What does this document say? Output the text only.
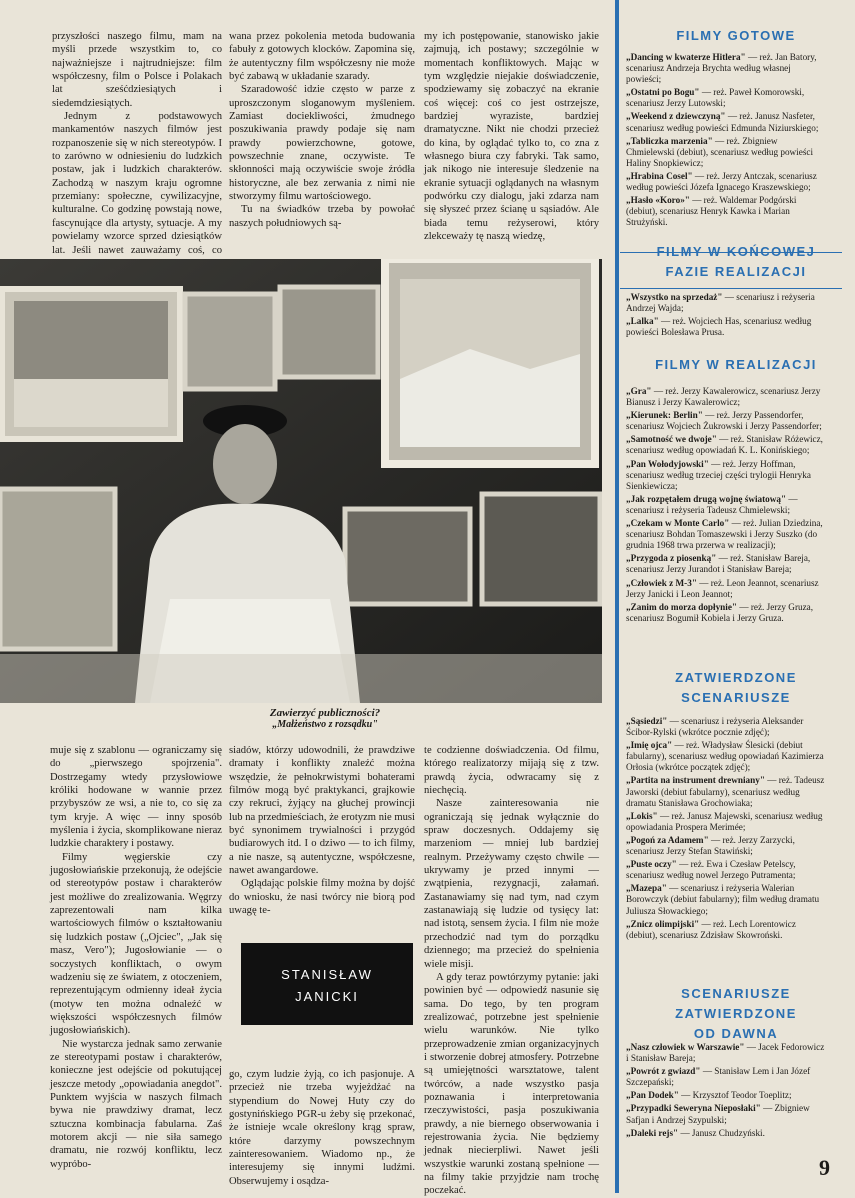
przyszłości naszego filmu, mam na myśli przede wszystkim to, co najważniejsze i najtrudniejsze: film współczesny, film o Polsce i Polakach lat sześćdziesiątych i siedemdziesiątych.

Jednym z podstawowych mankamentów naszych filmów jest rozpanoszenie się w nich stereotypów. I to zarówno w odniesieniu do ludzkich postaw, jak i ludzkich charakterów. Zachodzą w naszym kraju ogromne przemiany: społeczne, cywilizacyjne, kulturalne. Co godzinę powstają nowe, fascynujące dla artysty, sytuacje. A my powielamy wzorce sprzed dziesiątków lat. Jeśli nawet zauważamy coś, co

wana przez pokolenia metoda budowania fabuły z gotowych klocków. Zapomina się, że autentyczny film współczesny nie może być zabawą w układanie szarady.

Szaradowość idzie często w parze z uproszczonym sloganowym myśleniem. Zamiast dociekliwości, żmudnego poszukiwania prawdy podaje się nam prawdy powierzchowne, gotowe, powszechnie znane, oczywiste. Te skłonności mają oczywiście swoje źródła historyczne, ale bez zerwania z nimi nie stworzymy filmu wartościowego.

Tu na świadków trzeba by powołać naszych południowych są-

my ich postępowanie, stanowisko jakie zajmują, ich postawy; szczególnie w momentach konfliktowych. Mając w tym względzie niejakie doświadczenie, spodziewamy się zobaczyć na ekranie coś więcej: coś co jest ostrzejsze, bardziej wyraziste, bardziej dramatyczne. Nikt nie chodzi przecież do kina, by oglądać tylko to, co zna z własnego biura czy fabryki. Tak samo, jak nikogo nie interesuje śledzenie na ekranie sytuacji oglądanych na własnym podwórku czy dialogu, jaki zdarza nam się słyszeć przez ścianę u sąsiadów. Ale biada temu reżyserowi, który zlekceważy tę naszą wiedzę,

Zawierzyć publiczności?
„Małżeństwo z rozsądku"

muje się z szablonu — ograniczamy się do „pierwszego spojrzenia". Dostrzegamy wtedy przysłowiowe króliki hodowane w wannie przez przybyszów ze wsi, a nie to, co się za tym kryje. A więc — inny sposób myślenia i życia, skomplikowane nieraz ludzkie charaktery i postawy.

Filmy węgierskie czy jugosłowiańskie przekonują, że odejście od stereotypów postaw i charakterów jest możliwe do zrealizowania. Węgrzy zaprezentowali nam kilka wartościowych filmów o kształtowaniu się ludzkich postaw („Ojciec", „Jak się masz, Vero"); Jugosłowianie — o soczystych konfliktach, o owym wadzeniu się ze światem, z otoczeniem, reprezentującym odmienny ideał życia (motyw ten można odnaleźć w większości współczesnych filmów jugosłowiańskich).

Nie wystarcza jednak samo zerwanie ze stereotypami postaw i charakterów, konieczne jest odejście od pokutującej jeszcze metody „opowiadania anegdot". Punktem wyjścia w naszych filmach bywa nie prawdziwy dramat, lecz sztuczna kombinacja fabularna. Zaś motorem akcji — nie siła samego dramatu, nie rozwój konfliktu, lecz wypróbo-

siadów, którzy udowodnili, że prawdziwe dramaty i konflikty znaleźć można wszędzie, że pełnokrwistymi bohaterami filmów mogą być praktykanci, grajkowie czy rekruci, żyjący na głuchej prowincji lub na przedmieściach, że erotyzm nie musi być synonimem trywialności i przygód budiarowych itd. I o dziwo — to ich filmy, a nie nasze, są autentyczne, współczesne, nawet awangardowe.

Oglądając polskie filmy można by dojść do wniosku, że nasi twórcy nie biorą pod uwagę te-

STANISŁAW
JANICKI

go, czym ludzie żyją, co ich pasjonuje. A przecież nie trzeba wyjeżdżać na stypendium do Nowej Huty czy do gostynińskiego PGR-u żeby się przekonać, że istnieje wcale określony krąg spraw, które darzymy powszechnym zainteresowaniem. Wiadomo np., że interesujemy się innymi ludźmi. Obserwujemy i osądza-

te codzienne doświadczenia. Od filmu, którego realizatorzy mijają się z tzw. prawdą życia, odwracamy się z niechęcią.

Nasze zainteresowania nie ograniczają się jednak wyłącznie do spraw doczesnych. Oddajemy się marzeniom — mniej lub bardziej realnym. Przeżywamy często chwile — ukrywamy je przed innymi — zwątpienia, rezygnacji, załamań. Zastanawiamy się nad tym, nad czym zastanawiają się ludzie od tysięcy lat: nad istotą, sensem życia. I film nie może przechodzić nad tym do porządku dziennego; ma przecież do spełnienia wiele misji.

A gdy teraz powtórzymy pytanie: jaki powinien być — odpowiedź nasunie się sama. Do tego, by ten program zrealizować, potrzebne jest spełnienie wielu warunków. Nie tylko przeprowadzenie zmian organizacyjnych i stworzenie dobrej atmosfery. Potrzebne są umiejętności warsztatowe, talent twórców, a nade wszystko pasja poznawania i interpretowania rzeczywistości, pasja poszukiwania prawdy, a nie biernego obserwowania i rejestrowania życia. Nie będziemy jednak niecierpliwi. Nawet jeśli wszystkie warunki zostaną spełnione — na filmy takie przyjdzie nam trochę poczekać.

FILMY GOTOWE
„Dancing w kwaterze Hitlera" — reż. Jan Batory, scenariusz Andrzeja Brychta według własnej powieści;
„Ostatni po Bogu" — reż. Paweł Komorowski, scenariusz Jerzy Lutowski;
„Weekend z dziewczyną" — reż. Janusz Nasfeter, scenariusz według powieści Edmunda Niziurskiego;
„Tabliczka marzenia" — reż. Zbigniew Chmielewski (debiut), scenariusz według powieści Haliny Snopkiewicz;
„Hrabina Cosel" — reż. Jerzy Antczak, scenariusz według powieści Józefa Ignacego Kraszewskiego;
„Hasło «Koro»" — reż. Waldemar Podgórski (debiut), scenariusz Henryk Kawka i Marian Strużyński.
FILMY W KOŃCOWEJ
FAZIE REALIZACJI
„Wszystko na sprzedaż" — scenariusz i reżyseria Andrzej Wajda;
„Lalka" — reż. Wojciech Has, scenariusz według powieści Bolesława Prusa.
FILMY W REALIZACJI
„Gra" — reż. Jerzy Kawalerowicz, scenariusz Jerzy Bianusz i Jerzy Kawalerowicz;
„Kierunek: Berlin" — reż. Jerzy Passendorfer, scenariusz Wojciech Żukrowski i Jerzy Passendorfer;
„Samotność we dwoje" — reż. Stanisław Różewicz, scenariusz według opowiadań K. L. Konińskiego;
„Pan Wołodyjowski" — reż. Jerzy Hoffman, scenariusz według trzeciej części trylogii Henryka Sienkiewicza;
„Jak rozpętałem drugą wojnę światową" — scenariusz i reżyseria Tadeusz Chmielewski;
„Czekam w Monte Carlo" — reż. Julian Dziedzina, scenariusz Bohdan Tomaszewski i Jerzy Suszko (do grudnia 1968 trwa przerwa w realizacji);
„Przygoda z piosenką" — reż. Stanisław Bareja, scenariusz Jerzy Jurandot i Stanisław Bareja;
„Człowiek z M-3" — reż. Leon Jeannot, scenariusz Jerzy Janicki i Leon Jeannot;
„Zanim do morza dopłynie" — reż. Jerzy Gruza, scenariusz Bogumił Kobiela i Jerzy Gruza.
ZATWIERDZONE
SCENARIUSZE
„Sąsiedzi" — scenariusz i reżyseria Aleksander Ścibor-Rylski (wkrótce pocznie zdjęć);
„Imię ojca" — reż. Władysław Ślesicki (debiut fabularny), scenariusz według opowiadań Kazimierza Orłosia (wkrótce początek zdjęć);
„Partita na instrument drewniany" — reż. Tadeusz Jaworski (debiut fabularny), scenariusz według dramatu Stanisława Grochowiaka;
„Lokis" — reż. Janusz Majewski, scenariusz według opowiadania Prospera Merimée;
„Pogoń za Adamem" — reż. Jerzy Zarzycki, scenariusz Jerzy Stefan Stawiński;
„Puste oczy" — reż. Ewa i Czesław Petelscy, scenariusz według nowel Jerzego Putramenta;
„Mazepa" — scenariusz i reżyseria Walerian Borowczyk (debiut fabularny); film według dramatu Juliusza Słowackiego;
„Znicz olimpijski" — reż. Lech Lorentowicz (debiut), scenariusz Zdzisław Skowroński.
SCENARIUSZE
ZATWIERDZONE
OD DAWNA
„Nasz człowiek w Warszawie" — Jacek Fedorowicz i Stanisław Bareja;
„Powrót z gwiazd" — Stanisław Lem i Jan Józef Szczepański;
„Pan Dodek" — Krzysztof Teodor Toeplitz;
„Przypadki Seweryna Nieposłaki" — Zbigniew Safjan i Andrzej Szypulski;
„Daleki rejs" — Janusz Chudzyński.
9
